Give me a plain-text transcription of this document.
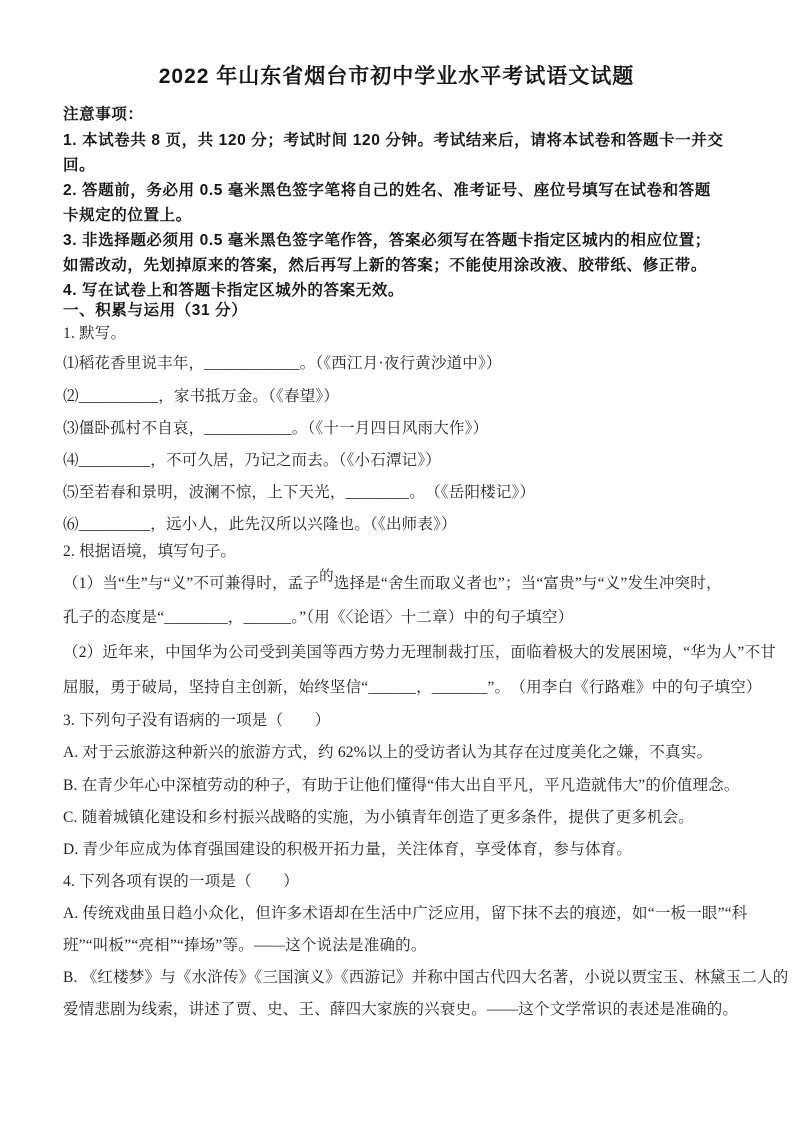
2022 年山东省烟台市初中学业水平考试语文试题
注意事项：
1. 本试卷共 8 页，共 120 分；考试时间 120 分钟。考试结来后，请将本试卷和答题卡一并交
回。
2. 答题前，务必用 0.5 毫米黑色签字笔将自己的姓名、准考证号、座位号填写在试卷和答题
卡规定的位置上。
3. 非选择题必须用 0.5 毫米黑色签字笔作答，答案必须写在答题卡指定区城内的相应位置；
如需改动，先划掉原来的答案，然后再写上新的答案；不能使用涂改液、胶带纸、修正带。
4. 写在试卷上和答题卡指定区城外的答案无效。
一、积累与运用（31 分）
1. 默写。
⑴稻花香里说丰年，____________。（《西江月·夜行黄沙道中》）
⑵__________，家书抵万金。（《春望》）
⑶僵卧孤村不自哀，___________。（《十一月四日风雨大作》）
⑷_________，不可久居，乃记之而去。（《小石潭记》）
⑸至若春和景明，波澜不惊，上下天光，________。　（《岳阳楼记》）
⑹_________，远小人，此先汉所以兴隆也。（《出师表》）
2. 根据语境，填写句子。
（1）当“生”与“义”不可兼得时，孟子的选择是“舍生而取义者也”；当“富贵”与“义”发生冲突时，
孔子的态度是“________，______。”（用《〈论语〉十二章）中的句子填空）
（2）近年来，中国华为公司受到美国等西方势力无理制裁打压，面临着极大的发展困境，“华为人”不甘
屈服，勇于破局，坚持自主创新，始终坚信“______，_______”。　（用李白《行路难》中的句子填空）
3. 下列句子没有语病的一项是（　　）
A. 对于云旅游这种新兴的旅游方式，约 62%以上的受访者认为其存在过度美化之嫌，不真实。
B. 在青少年心中深植劳动的种子，有助于让他们懂得“伟大出自平凡，平凡造就伟大”的价值理念。
C. 随着城镇化建设和乡村振兴战略的实施，为小镇青年创造了更多条件，提供了更多机会。
D. 青少年应成为体育强国建设的积极开拓力量，关注体育，享受体育，参与体育。
4. 下列各项有误的一项是（　　）
A. 传统戏曲虽日趋小众化，但许多术语却在生活中广泛应用，留下抹不去的痕迹，如“一板一眼”“科
班”“叫板”“亮相”“捧场”等。——这个说法是准确的。
B. 《红楼梦》与《水浒传》《三国演义》《西游记》并称中国古代四大名著，小说以贾宝玉、林黛玉二人的
爱情悲剧为线索，讲述了贾、史、王、薛四大家族的兴衰史。——这个文学常识的表述是准确的。
